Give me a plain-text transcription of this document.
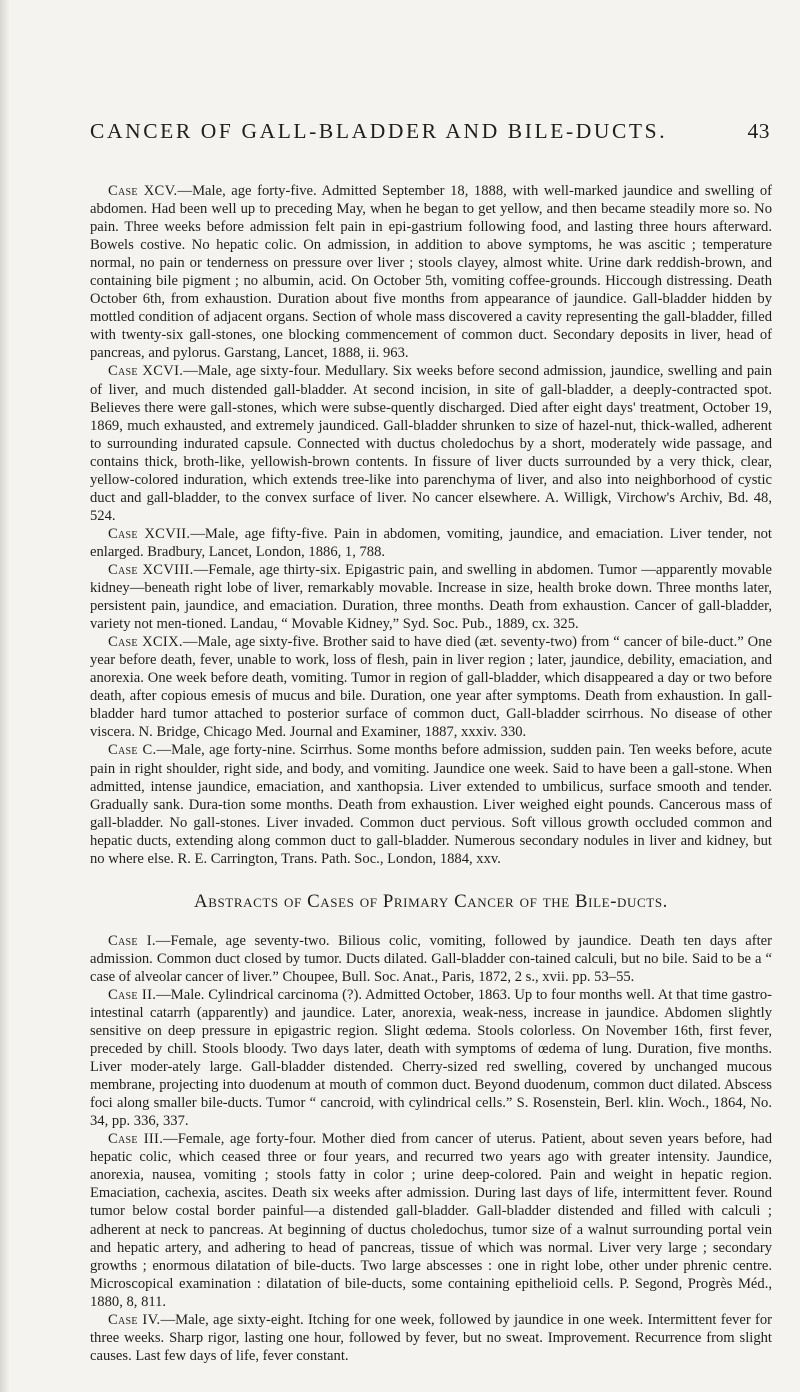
CANCER OF GALL-BLADDER AND BILE-DUCTS.	43

Case XCV.—Male, age forty-five. Admitted September 18, 1888, with well-marked jaundice and swelling of abdomen. Had been well up to preceding May, when he began to get yellow, and then became steadily more so. No pain. Three weeks before admission felt pain in epi-gastrium following food, and lasting three hours afterward. Bowels costive. No hepatic colic. On admission, in addition to above symptoms, he was ascitic ; temperature normal, no pain or tenderness on pressure over liver ; stools clayey, almost white. Urine dark reddish-brown, and containing bile pigment ; no albumin, acid. On October 5th, vomiting coffee-grounds. Hiccough distressing. Death October 6th, from exhaustion. Duration about five months from appearance of jaundice. Gall-bladder hidden by mottled condition of adjacent organs. Section of whole mass discovered a cavity representing the gall-bladder, filled with twenty-six gall-stones, one blocking commencement of common duct. Secondary deposits in liver, head of pancreas, and pylorus. Garstang, Lancet, 1888, ii. 963.

Case XCVI.—Male, age sixty-four. Medullary. Six weeks before second admission, jaundice, swelling and pain of liver, and much distended gall-bladder. At second incision, in site of gall-bladder, a deeply-contracted spot. Believes there were gall-stones, which were subse-quently discharged. Died after eight days' treatment, October 19, 1869, much exhausted, and extremely jaundiced. Gall-bladder shrunken to size of hazel-nut, thick-walled, adherent to surrounding indurated capsule. Connected with ductus choledochus by a short, moderately wide passage, and contains thick, broth-like, yellowish-brown contents. In fissure of liver ducts surrounded by a very thick, clear, yellow-colored induration, which extends tree-like into parenchyma of liver, and also into neighborhood of cystic duct and gall-bladder, to the convex surface of liver. No cancer elsewhere. A. Willigk, Virchow's Archiv, Bd. 48, 524.

Case XCVII.—Male, age fifty-five. Pain in abdomen, vomiting, jaundice, and emaciation. Liver tender, not enlarged. Bradbury, Lancet, London, 1886, 1, 788.

Case XCVIII.—Female, age thirty-six. Epigastric pain, and swelling in abdomen. Tumor —apparently movable kidney—beneath right lobe of liver, remarkably movable. Increase in size, health broke down. Three months later, persistent pain, jaundice, and emaciation. Duration, three months. Death from exhaustion. Cancer of gall-bladder, variety not men-tioned. Landau, “ Movable Kidney,” Syd. Soc. Pub., 1889, cx. 325.

Case XCIX.—Male, age sixty-five. Brother said to have died (æt. seventy-two) from “ cancer of bile-duct.” One year before death, fever, unable to work, loss of flesh, pain in liver region ; later, jaundice, debility, emaciation, and anorexia. One week before death, vomiting. Tumor in region of gall-bladder, which disappeared a day or two before death, after copious emesis of mucus and bile. Duration, one year after symptoms. Death from exhaustion. In gall-bladder hard tumor attached to posterior surface of common duct, Gall-bladder scirrhous. No disease of other viscera. N. Bridge, Chicago Med. Journal and Examiner, 1887, xxxiv. 330.

Case C.—Male, age forty-nine. Scirrhus. Some months before admission, sudden pain. Ten weeks before, acute pain in right shoulder, right side, and body, and vomiting. Jaundice one week. Said to have been a gall-stone. When admitted, intense jaundice, emaciation, and xanthopsia. Liver extended to umbilicus, surface smooth and tender. Gradually sank. Dura-tion some months. Death from exhaustion. Liver weighed eight pounds. Cancerous mass of gall-bladder. No gall-stones. Liver invaded. Common duct pervious. Soft villous growth occluded common and hepatic ducts, extending along common duct to gall-bladder. Numerous secondary nodules in liver and kidney, but no where else. R. E. Carrington, Trans. Path. Soc., London, 1884, xxv.

Abstracts of Cases of Primary Cancer of the Bile-ducts.

Case I.—Female, age seventy-two. Bilious colic, vomiting, followed by jaundice. Death ten days after admission. Common duct closed by tumor. Ducts dilated. Gall-bladder con-tained calculi, but no bile. Said to be a “ case of alveolar cancer of liver.” Choupee, Bull. Soc. Anat., Paris, 1872, 2 s., xvii. pp. 53–55.

Case II.—Male. Cylindrical carcinoma (?). Admitted October, 1863. Up to four months well. At that time gastro-intestinal catarrh (apparently) and jaundice. Later, anorexia, weak-ness, increase in jaundice. Abdomen slightly sensitive on deep pressure in epigastric region. Slight œdema. Stools colorless. On November 16th, first fever, preceded by chill. Stools bloody. Two days later, death with symptoms of œdema of lung. Duration, five months. Liver moder-ately large. Gall-bladder distended. Cherry-sized red swelling, covered by unchanged mucous membrane, projecting into duodenum at mouth of common duct. Beyond duodenum, common duct dilated. Abscess foci along smaller bile-ducts. Tumor “ cancroid, with cylindrical cells.” S. Rosenstein, Berl. klin. Woch., 1864, No. 34, pp. 336, 337.

Case III.—Female, age forty-four. Mother died from cancer of uterus. Patient, about seven years before, had hepatic colic, which ceased three or four years, and recurred two years ago with greater intensity. Jaundice, anorexia, nausea, vomiting ; stools fatty in color ; urine deep-colored. Pain and weight in hepatic region. Emaciation, cachexia, ascites. Death six weeks after admission. During last days of life, intermittent fever. Round tumor below costal border painful—a distended gall-bladder. Gall-bladder distended and filled with calculi ; adherent at neck to pancreas. At beginning of ductus choledochus, tumor size of a walnut surrounding portal vein and hepatic artery, and adhering to head of pancreas, tissue of which was normal. Liver very large ; secondary growths ; enormous dilatation of bile-ducts. Two large abscesses : one in right lobe, other under phrenic centre. Microscopical examination : dilatation of bile-ducts, some containing epithelioid cells. P. Segond, Progrès Méd., 1880, 8, 811.

Case IV.—Male, age sixty-eight. Itching for one week, followed by jaundice in one week. Intermittent fever for three weeks. Sharp rigor, lasting one hour, followed by fever, but no sweat. Improvement. Recurrence from slight causes. Last few days of life, fever constant.
